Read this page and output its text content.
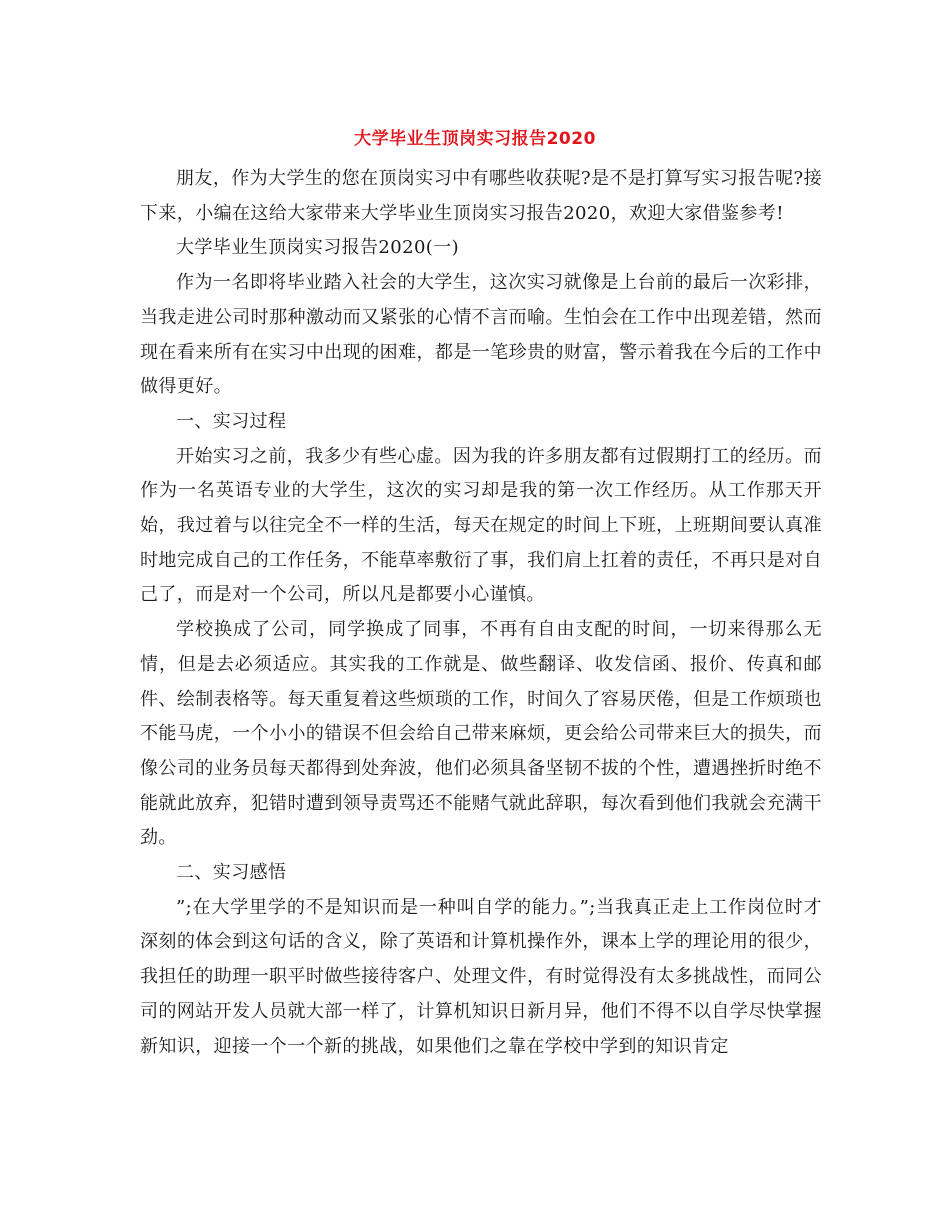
大学毕业生顶岗实习报告2020

朋友，作为大学生的您在顶岗实习中有哪些收获呢?是不是打算写实习报告呢?接下来，小编在这给大家带来大学毕业生顶岗实习报告2020，欢迎大家借鉴参考!

大学毕业生顶岗实习报告2020(一)

作为一名即将毕业踏入社会的大学生，这次实习就像是上台前的最后一次彩排，当我走进公司时那种激动而又紧张的心情不言而喻。生怕会在工作中出现差错，然而现在看来所有在实习中出现的困难，都是一笔珍贵的财富，警示着我在今后的工作中做得更好。

一、实习过程

开始实习之前，我多少有些心虚。因为我的许多朋友都有过假期打工的经历。而作为一名英语专业的大学生，这次的实习却是我的第一次工作经历。从工作那天开始，我过着与以往完全不一样的生活，每天在规定的时间上下班，上班期间要认真准时地完成自己的工作任务，不能草率敷衍了事，我们肩上扛着的责任，不再只是对自己了，而是对一个公司，所以凡是都要小心谨慎。

学校换成了公司，同学换成了同事，不再有自由支配的时间，一切来得那么无情，但是去必须适应。其实我的工作就是、做些翻译、收发信函、报价、传真和邮件、绘制表格等。每天重复着这些烦琐的工作，时间久了容易厌倦，但是工作烦琐也不能马虎，一个小小的错误不但会给自己带来麻烦，更会给公司带来巨大的损失，而像公司的业务员每天都得到处奔波，他们必须具备坚韧不拔的个性，遭遇挫折时绝不能就此放弃，犯错时遭到领导责骂还不能赌气就此辞职，每次看到他们我就会充满干劲。

二、实习感悟

”;在大学里学的不是知识而是一种叫自学的能力。”;当我真正走上工作岗位时才深刻的体会到这句话的含义，除了英语和计算机操作外，课本上学的理论用的很少，我担任的助理一职平时做些接待客户、处理文件，有时觉得没有太多挑战性，而同公司的网站开发人员就大部一样了，计算机知识日新月异，他们不得不以自学尽快掌握新知识，迎接一个一个新的挑战，如果他们之靠在学校中学到的知识肯定
